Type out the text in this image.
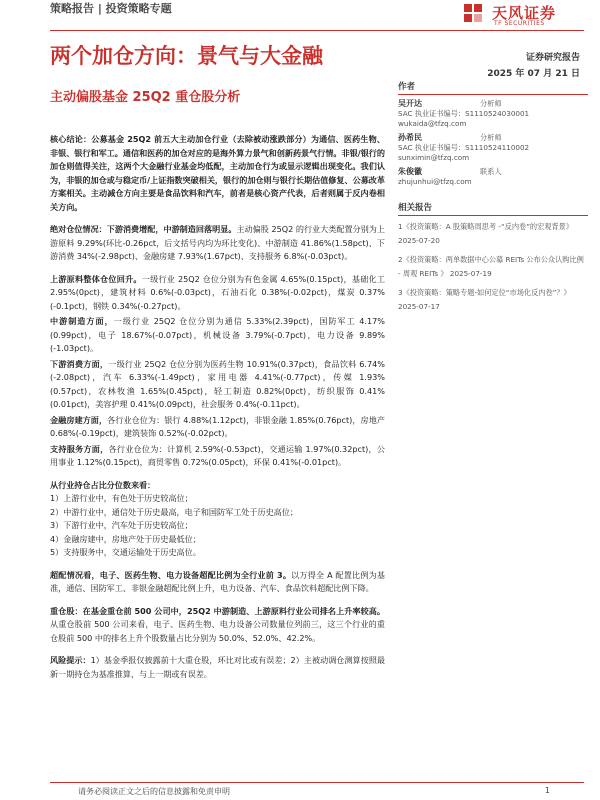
策略报告 | 投资策略专题	天风证券
TF SECURITIES
两个加仓方向：景气与大金融	证券研究报告
2025 年 07 月 21 日
主动偏股基金 25Q2 重仓股分析

核心结论：公募基金 25Q2 前五大主动加仓行业（去除被动涨跌部分）为通信、医药生物、非银、银行和军工。通信和医药的加仓对应的是海外算力景气和创新药景气行情。非银/银行的加仓则值得关注，这两个大金融行业基金均低配，主动加仓行为或显示逻辑出现变化。我们认为，非银的加仓或与稳定币/上证指数突破相关，银行的加仓则与银行长期估值修复、公募改革方案相关。主动减仓方向主要是食品饮料和汽车，前者是核心资产代表，后者则属于反内卷相关方向。

绝对仓位情况：下游消费增配，中游制造回落明显。主动偏股 25Q2 的行业大类配置分别为上游原料 9.29%(环比-0.26pct，后文括号内均为环比变化)、中游制造 41.86%(1.58pct)、下游消费 34%(-2.98pct)、金融房建 7.93%(1.67pct)、支持服务 6.8%(-0.03pct)。

上游原料整体仓位回升。一级行业 25Q2 仓位分别为有色金属 4.65%(0.15pct)，基础化工 2.95%(0pct)，建筑材料 0.6%(-0.03pct)，石油石化 0.38%(-0.02pct)，煤炭 0.37%(-0.1pct)，钢铁 0.34%(-0.27pct)。

中游制造方面，一级行业 25Q2 仓位分别为通信 5.33%(2.39pct)，国防军工 4.17%(0.99pct)，电子 18.67%(-0.07pct)，机械设备 3.79%(-0.7pct)，电力设备 9.89%(-1.03pct)。

下游消费方面，一级行业 25Q2 仓位分别为医药生物 10.91%(0.37pct)，食品饮料 6.74%(-2.08pct)，汽车 6.33%(-1.49pct)，家用电器 4.41%(-0.77pct)，传媒 1.93%(0.57pct)，农林牧渔 1.65%(0.45pct)，轻工制造 0.82%(0pct)，纺织服饰 0.41%(0.01pct)，美容护理 0.41%(0.09pct)，社会服务 0.4%(-0.11pct)。

金融房建方面，各行业仓位为：银行 4.88%(1.12pct)，非银金融 1.85%(0.76pct)，房地产 0.68%(-0.19pct)，建筑装饰 0.52%(-0.02pct)。

支持服务方面，各行业仓位为：计算机 2.59%(-0.53pct)，交通运输 1.97%(0.32pct)，公用事业 1.12%(0.15pct)，商贸零售 0.72%(0.05pct)，环保 0.41%(-0.01pct)。

从行业持仓占比分位数来看：
1）上游行业中，有色处于历史较高位；
2）中游行业中，通信处于历史最高，电子和国防军工处于历史高位；
3）下游行业中，汽车处于历史较高位；
4）金融房建中，房地产处于历史最低位；
5）支持服务中，交通运输处于历史高位。

超配情况看，电子、医药生物、电力设备超配比例为全行业前 3。以万得全 A 配置比例为基准，通信、国防军工、非银金融超配比例上升，电力设备、汽车、食品饮料超配比例下降。

重仓股：在基金重仓前 500 公司中，25Q2 中游制造、上游原料行业公司排名上升率较高。从重仓股前 500 公司来看，电子、医药生物、电力设备公司数量位列前三，这三个行业的重仓股前 500 中的排名上升个股数量占比分别为 50.0%、52.0%、42.2%。

风险提示：1）基金季报仅披露前十大重仓股，环比对比或有误差；2）主被动调仓测算按照最新一期持仓为基准推算，与上一期或有误差。

作者
吴开达	分析师
SAC 执业证书编号：S1110524030001
wukaida@tfzq.com
孙希民	分析师
SAC 执业证书编号：S1110524110002
sunximin@tfzq.com
朱俊徽	联系人
zhujunhui@tfzq.com
相关报告
1《投资策略：A 股策略周思考 -“反内卷”的宏观背景》 2025-07-20
2《投资策略：两单数据中心公募 REITs 公布公众认购比例 - 周观 REITs 》 2025-07-19
3《投资策略：策略专题-如何定位“市场化反内卷”？》 2025-07-17
请务必阅读正文之后的信息披露和免责申明	1
